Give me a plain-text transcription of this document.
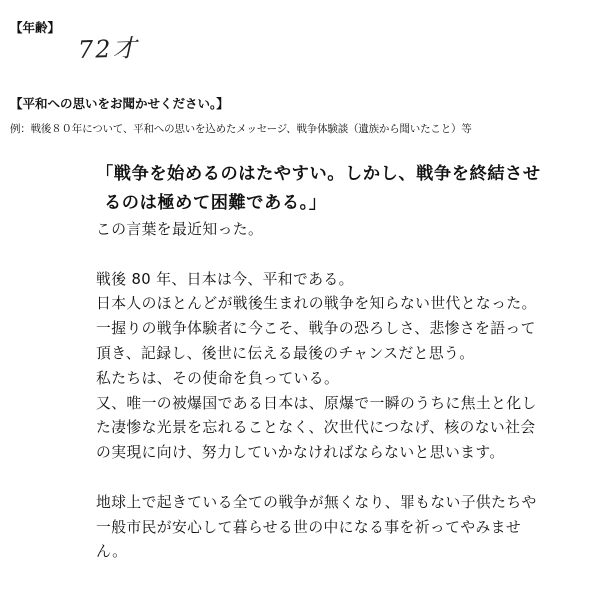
【年齢】
72才
【平和への思いをお聞かせください。】
例：戦後８０年について、平和への思いを込めたメッセージ、戦争体験談（遺族から聞いたこと）等
「戦争を始めるのはたやすい。しかし、戦争を終結させ
るのは極めて困難である。」
この言葉を最近知った。
戦後 80 年、日本は今、平和である。
日本人のほとんどが戦後生まれの戦争を知らない世代となった。
一握りの戦争体験者に今こそ、戦争の恐ろしさ、悲惨さを語って
頂き、記録し、後世に伝える最後のチャンスだと思う。
私たちは、その使命を負っている。
又、唯一の被爆国である日本は、原爆で一瞬のうちに焦土と化し
た凄惨な光景を忘れることなく、次世代につなげ、核のない社会
の実現に向け、努力していかなければならないと思います。
地球上で起きている全ての戦争が無くなり、罪もない子供たちや
一般市民が安心して暮らせる世の中になる事を祈ってやみませ
ん。
